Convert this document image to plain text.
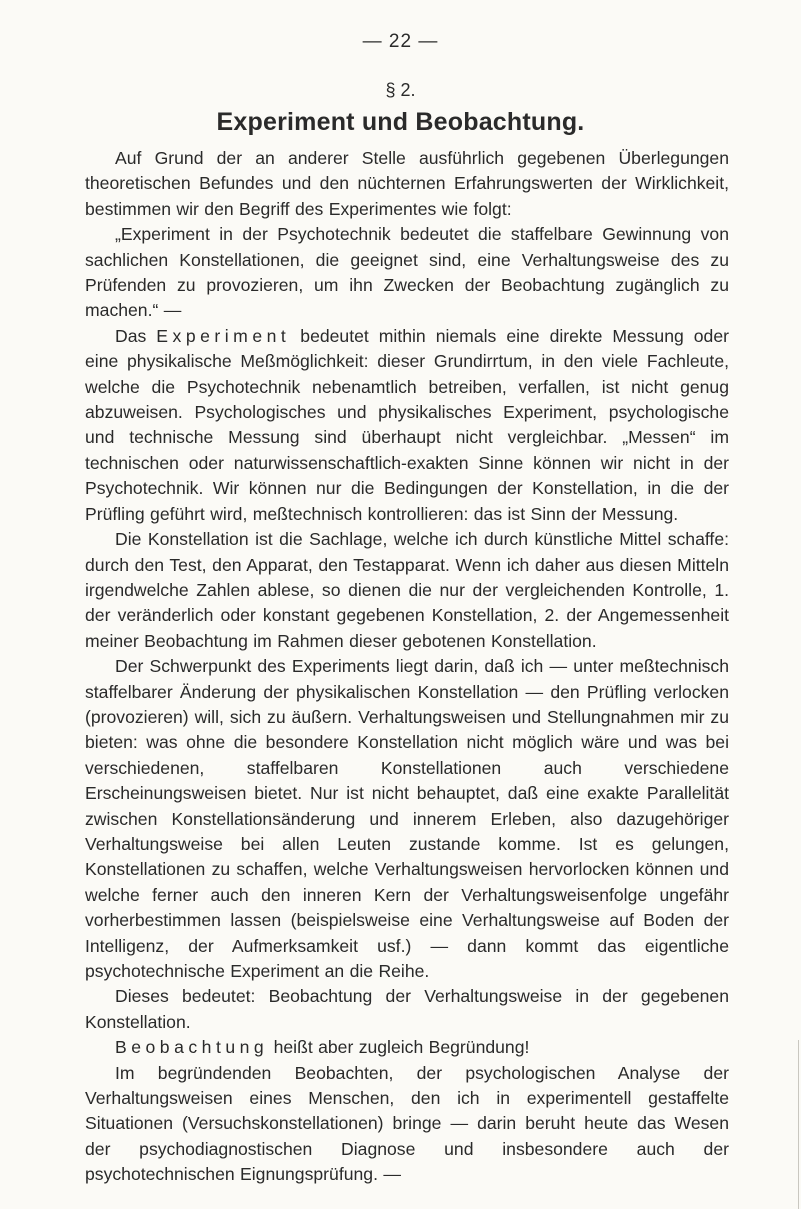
— 22 —
§ 2.
Experiment und Beobachtung.

Auf Grund der an anderer Stelle ausführlich gegebenen Überlegungen theoretischen Befundes und den nüchternen Erfahrungswerten der Wirklichkeit, bestimmen wir den Begriff des Experimentes wie folgt:

„Experiment in der Psychotechnik bedeutet die staffelbare Gewinnung von sachlichen Konstellationen, die geeignet sind, eine Verhaltungsweise des zu Prüfenden zu provozieren, um ihn Zwecken der Beobachtung zugänglich zu machen.“ —

Das Experiment bedeutet mithin niemals eine direkte Messung oder eine physikalische Meßmöglichkeit: dieser Grundirrtum, in den viele Fachleute, welche die Psychotechnik nebenamtlich betreiben, verfallen, ist nicht genug abzuweisen. Psychologisches und physikalisches Experiment, psychologische und technische Messung sind überhaupt nicht vergleichbar. „Messen“ im technischen oder naturwissenschaftlich-exakten Sinne können wir nicht in der Psychotechnik. Wir können nur die Bedingungen der Konstellation, in die der Prüfling geführt wird, meßtechnisch kontrollieren: das ist Sinn der Messung.

Die Konstellation ist die Sachlage, welche ich durch künstliche Mittel schaffe: durch den Test, den Apparat, den Testapparat. Wenn ich daher aus diesen Mitteln irgendwelche Zahlen ablese, so dienen die nur der vergleichenden Kontrolle, 1. der veränderlich oder konstant gegebenen Konstellation, 2. der Angemessenheit meiner Beobachtung im Rahmen dieser gebotenen Konstellation.

Der Schwerpunkt des Experiments liegt darin, daß ich — unter meßtechnisch staffelbarer Änderung der physikalischen Konstellation — den Prüfling verlocken (provozieren) will, sich zu äußern. Verhaltungsweisen und Stellungnahmen mir zu bieten: was ohne die besondere Konstellation nicht möglich wäre und was bei verschiedenen, staffelbaren Konstellationen auch verschiedene Erscheinungsweisen bietet. Nur ist nicht behauptet, daß eine exakte Parallelität zwischen Konstellationsänderung und innerem Erleben, also dazugehöriger Verhaltungsweise bei allen Leuten zustande komme. Ist es gelungen, Konstellationen zu schaffen, welche Verhaltungsweisen hervorlocken können und welche ferner auch den inneren Kern der Verhaltungsweisenfolge ungefähr vorherbestimmen lassen (beispielsweise eine Verhaltungsweise auf Boden der Intelligenz, der Aufmerksamkeit usf.) — dann kommt das eigentliche psychotechnische Experiment an die Reihe.

Dieses bedeutet: Beobachtung der Verhaltungsweise in der gegebenen Konstellation.

Beobachtung heißt aber zugleich Begründung!

Im begründenden Beobachten, der psychologischen Analyse der Verhaltungsweisen eines Menschen, den ich in experimentell gestaffelte Situationen (Versuchskonstellationen) bringe — darin beruht heute das Wesen der psychodiagnostischen Diagnose und insbesondere auch der psychotechnischen Eignungsprüfung. —
